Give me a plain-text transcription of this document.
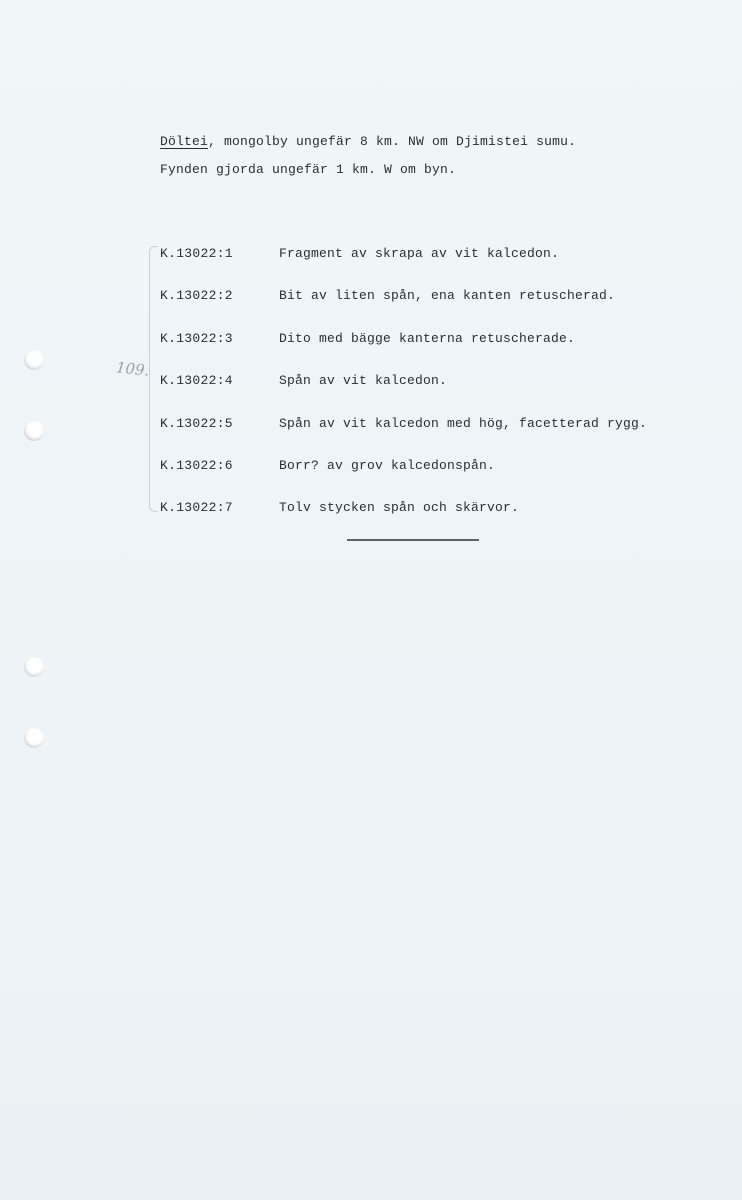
Döltei, mongolby ungefär 8 km. NW om Djimistei sumu.
Fynden gjorda ungefär 1 km. W om byn.
109.
K.13022:1	Fragment av skrapa av vit kalcedon.
K.13022:2	Bit av liten spån, ena kanten retuscherad.
K.13022:3	Dito med bägge kanterna retuscherade.
K.13022:4	Spån av vit kalcedon.
K.13022:5	Spån av vit kalcedon med hög, facetterad rygg.
K.13022:6	Borr? av grov kalcedonspån.
K.13022:7	Tolv stycken spån och skärvor.
